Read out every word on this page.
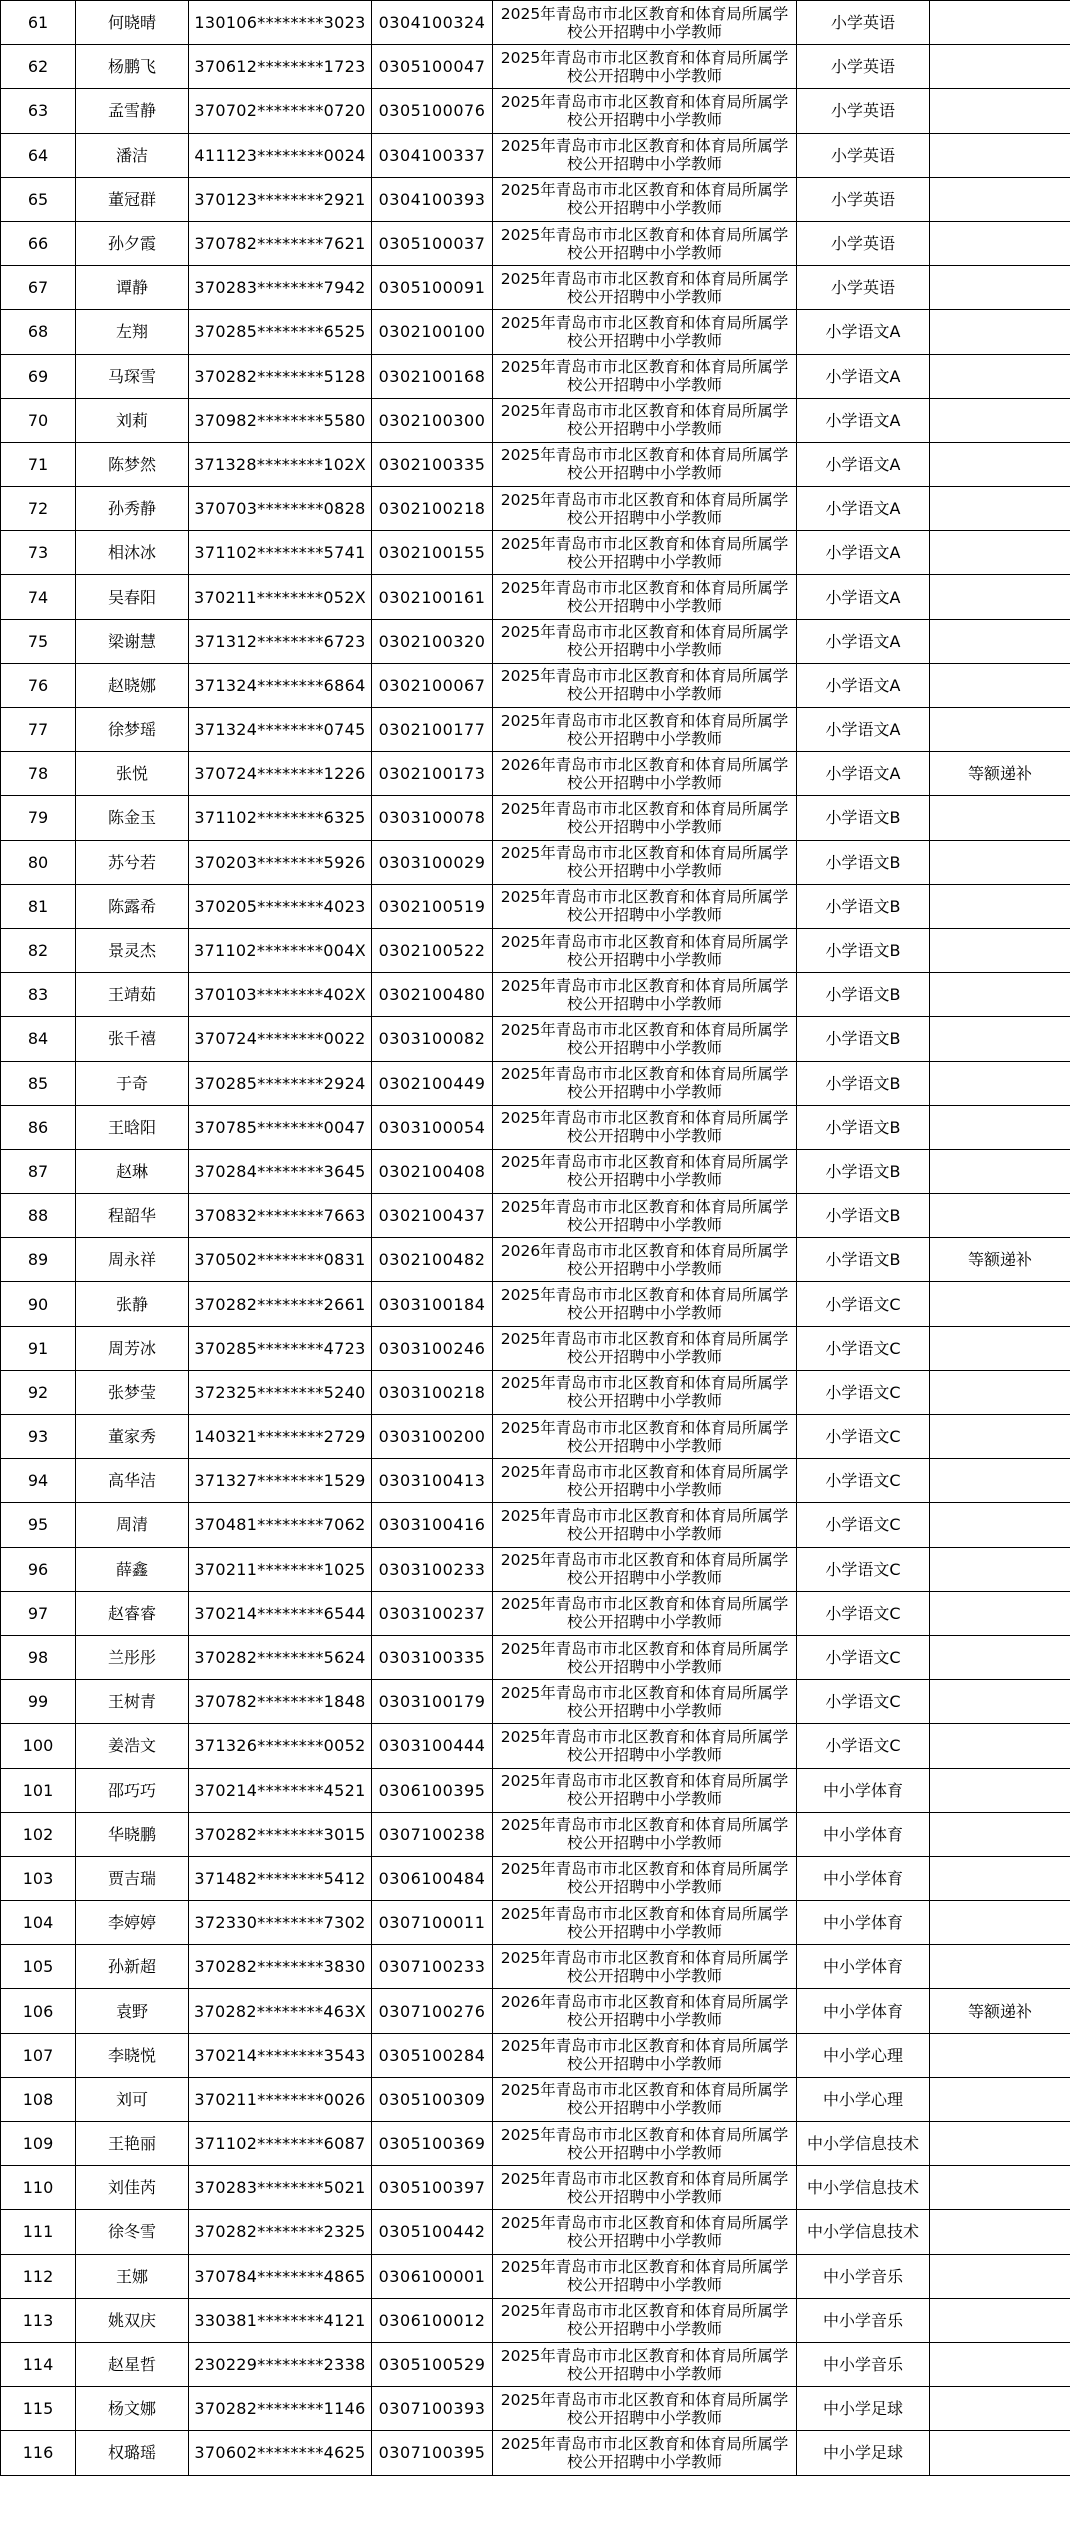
61	何晓晴	130106********3023	0304100324	2025年青岛市市北区教育和体育局所属学校公开招聘中小学教师	小学英语	
62	杨鹏飞	370612********1723	0305100047	2025年青岛市市北区教育和体育局所属学校公开招聘中小学教师	小学英语	
63	孟雪静	370702********0720	0305100076	2025年青岛市市北区教育和体育局所属学校公开招聘中小学教师	小学英语	
64	潘洁	411123********0024	0304100337	2025年青岛市市北区教育和体育局所属学校公开招聘中小学教师	小学英语	
65	董冠群	370123********2921	0304100393	2025年青岛市市北区教育和体育局所属学校公开招聘中小学教师	小学英语	
66	孙夕霞	370782********7621	0305100037	2025年青岛市市北区教育和体育局所属学校公开招聘中小学教师	小学英语	
67	谭静	370283********7942	0305100091	2025年青岛市市北区教育和体育局所属学校公开招聘中小学教师	小学英语	
68	左翔	370285********6525	0302100100	2025年青岛市市北区教育和体育局所属学校公开招聘中小学教师	小学语文A	
69	马琛雪	370282********5128	0302100168	2025年青岛市市北区教育和体育局所属学校公开招聘中小学教师	小学语文A	
70	刘莉	370982********5580	0302100300	2025年青岛市市北区教育和体育局所属学校公开招聘中小学教师	小学语文A	
71	陈梦然	371328********102X	0302100335	2025年青岛市市北区教育和体育局所属学校公开招聘中小学教师	小学语文A	
72	孙秀静	370703********0828	0302100218	2025年青岛市市北区教育和体育局所属学校公开招聘中小学教师	小学语文A	
73	相沐冰	371102********5741	0302100155	2025年青岛市市北区教育和体育局所属学校公开招聘中小学教师	小学语文A	
74	吴春阳	370211********052X	0302100161	2025年青岛市市北区教育和体育局所属学校公开招聘中小学教师	小学语文A	
75	梁谢慧	371312********6723	0302100320	2025年青岛市市北区教育和体育局所属学校公开招聘中小学教师	小学语文A	
76	赵晓娜	371324********6864	0302100067	2025年青岛市市北区教育和体育局所属学校公开招聘中小学教师	小学语文A	
77	徐梦瑶	371324********0745	0302100177	2025年青岛市市北区教育和体育局所属学校公开招聘中小学教师	小学语文A	
78	张悦	370724********1226	0302100173	2026年青岛市市北区教育和体育局所属学校公开招聘中小学教师	小学语文A	等额递补
79	陈金玉	371102********6325	0303100078	2025年青岛市市北区教育和体育局所属学校公开招聘中小学教师	小学语文B	
80	苏兮若	370203********5926	0303100029	2025年青岛市市北区教育和体育局所属学校公开招聘中小学教师	小学语文B	
81	陈露希	370205********4023	0302100519	2025年青岛市市北区教育和体育局所属学校公开招聘中小学教师	小学语文B	
82	景灵杰	371102********004X	0302100522	2025年青岛市市北区教育和体育局所属学校公开招聘中小学教师	小学语文B	
83	王靖茹	370103********402X	0302100480	2025年青岛市市北区教育和体育局所属学校公开招聘中小学教师	小学语文B	
84	张千禧	370724********0022	0303100082	2025年青岛市市北区教育和体育局所属学校公开招聘中小学教师	小学语文B	
85	于奇	370285********2924	0302100449	2025年青岛市市北区教育和体育局所属学校公开招聘中小学教师	小学语文B	
86	王晗阳	370785********0047	0303100054	2025年青岛市市北区教育和体育局所属学校公开招聘中小学教师	小学语文B	
87	赵琳	370284********3645	0302100408	2025年青岛市市北区教育和体育局所属学校公开招聘中小学教师	小学语文B	
88	程韶华	370832********7663	0302100437	2025年青岛市市北区教育和体育局所属学校公开招聘中小学教师	小学语文B	
89	周永祥	370502********0831	0302100482	2026年青岛市市北区教育和体育局所属学校公开招聘中小学教师	小学语文B	等额递补
90	张静	370282********2661	0303100184	2025年青岛市市北区教育和体育局所属学校公开招聘中小学教师	小学语文C	
91	周芳冰	370285********4723	0303100246	2025年青岛市市北区教育和体育局所属学校公开招聘中小学教师	小学语文C	
92	张梦莹	372325********5240	0303100218	2025年青岛市市北区教育和体育局所属学校公开招聘中小学教师	小学语文C	
93	董家秀	140321********2729	0303100200	2025年青岛市市北区教育和体育局所属学校公开招聘中小学教师	小学语文C	
94	高华洁	371327********1529	0303100413	2025年青岛市市北区教育和体育局所属学校公开招聘中小学教师	小学语文C	
95	周清	370481********7062	0303100416	2025年青岛市市北区教育和体育局所属学校公开招聘中小学教师	小学语文C	
96	薛鑫	370211********1025	0303100233	2025年青岛市市北区教育和体育局所属学校公开招聘中小学教师	小学语文C	
97	赵睿睿	370214********6544	0303100237	2025年青岛市市北区教育和体育局所属学校公开招聘中小学教师	小学语文C	
98	兰彤彤	370282********5624	0303100335	2025年青岛市市北区教育和体育局所属学校公开招聘中小学教师	小学语文C	
99	王树青	370782********1848	0303100179	2025年青岛市市北区教育和体育局所属学校公开招聘中小学教师	小学语文C	
100	姜浩文	371326********0052	0303100444	2025年青岛市市北区教育和体育局所属学校公开招聘中小学教师	小学语文C	
101	邵巧巧	370214********4521	0306100395	2025年青岛市市北区教育和体育局所属学校公开招聘中小学教师	中小学体育	
102	华晓鹏	370282********3015	0307100238	2025年青岛市市北区教育和体育局所属学校公开招聘中小学教师	中小学体育	
103	贾吉瑞	371482********5412	0306100484	2025年青岛市市北区教育和体育局所属学校公开招聘中小学教师	中小学体育	
104	李婷婷	372330********7302	0307100011	2025年青岛市市北区教育和体育局所属学校公开招聘中小学教师	中小学体育	
105	孙新超	370282********3830	0307100233	2025年青岛市市北区教育和体育局所属学校公开招聘中小学教师	中小学体育	
106	袁野	370282********463X	0307100276	2026年青岛市市北区教育和体育局所属学校公开招聘中小学教师	中小学体育	等额递补
107	李晓悦	370214********3543	0305100284	2025年青岛市市北区教育和体育局所属学校公开招聘中小学教师	中小学心理	
108	刘可	370211********0026	0305100309	2025年青岛市市北区教育和体育局所属学校公开招聘中小学教师	中小学心理	
109	王艳丽	371102********6087	0305100369	2025年青岛市市北区教育和体育局所属学校公开招聘中小学教师	中小学信息技术	
110	刘佳芮	370283********5021	0305100397	2025年青岛市市北区教育和体育局所属学校公开招聘中小学教师	中小学信息技术	
111	徐冬雪	370282********2325	0305100442	2025年青岛市市北区教育和体育局所属学校公开招聘中小学教师	中小学信息技术	
112	王娜	370784********4865	0306100001	2025年青岛市市北区教育和体育局所属学校公开招聘中小学教师	中小学音乐	
113	姚双庆	330381********4121	0306100012	2025年青岛市市北区教育和体育局所属学校公开招聘中小学教师	中小学音乐	
114	赵星哲	230229********2338	0305100529	2025年青岛市市北区教育和体育局所属学校公开招聘中小学教师	中小学音乐	
115	杨文娜	370282********1146	0307100393	2025年青岛市市北区教育和体育局所属学校公开招聘中小学教师	中小学足球	
116	权璐瑶	370602********4625	0307100395	2025年青岛市市北区教育和体育局所属学校公开招聘中小学教师	中小学足球	
